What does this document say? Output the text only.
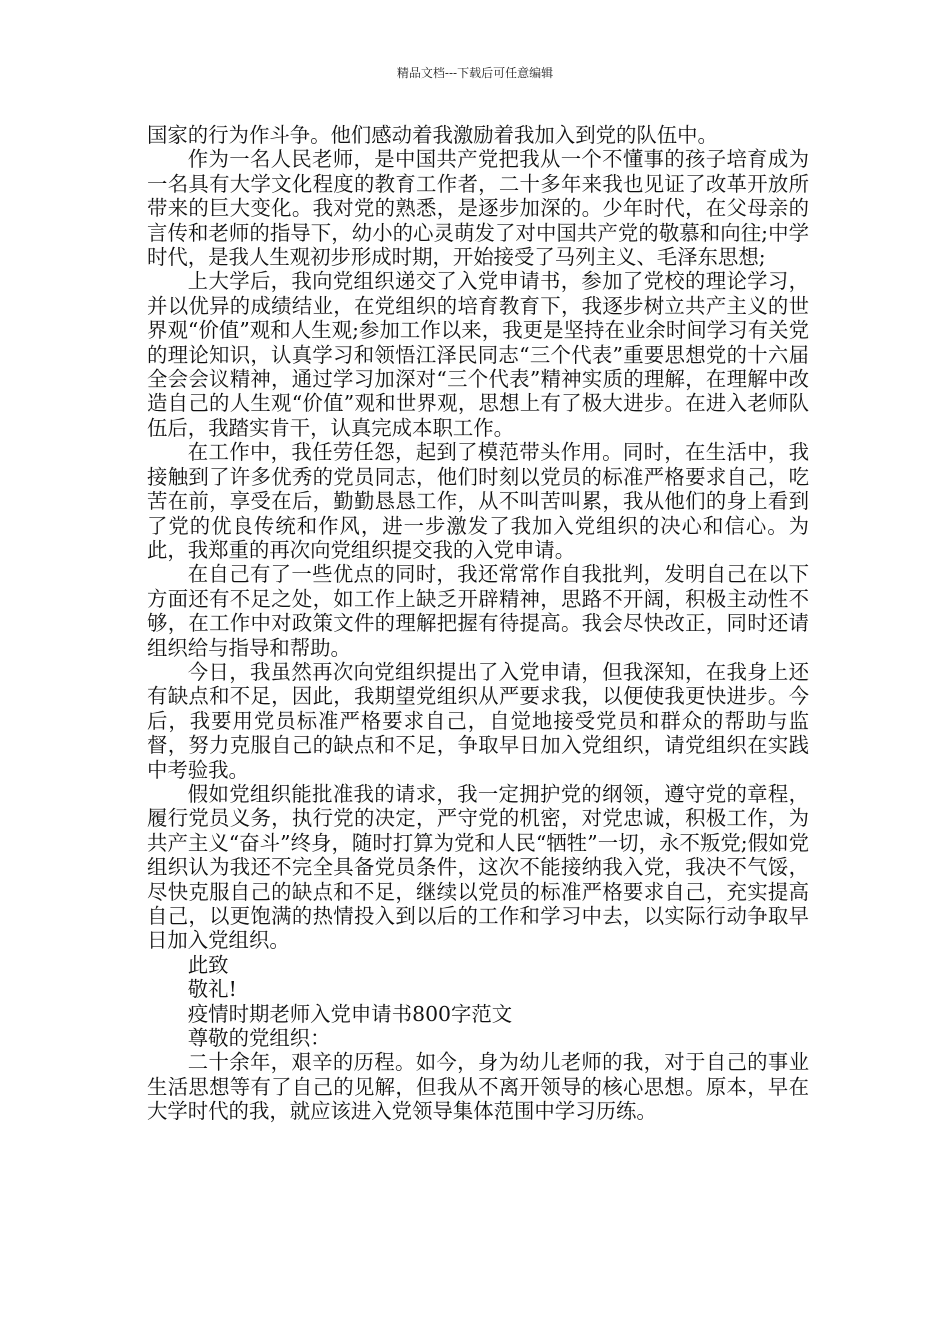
精品文档---下载后可任意编辑

国家的行为作斗争。他们感动着我激励着我加入到党的队伍中。

作为一名人民老师，是中国共产党把我从一个不懂事的孩子培育成为一名具有大学文化程度的教育工作者，二十多年来我也见证了改革开放所带来的巨大变化。我对党的熟悉，是逐步加深的。少年时代，在父母亲的言传和老师的指导下，幼小的心灵萌发了对中国共产党的敬慕和向往;中学时代，是我人生观初步形成时期，开始接受了马列主义、毛泽东思想;

上大学后，我向党组织递交了入党申请书，参加了党校的理论学习，并以优异的成绩结业，在党组织的培育教育下，我逐步树立共产主义的世界观“价值”观和人生观;参加工作以来，我更是坚持在业余时间学习有关党的理论知识，认真学习和领悟江泽民同志“三个代表”重要思想党的十六届全会会议精神，通过学习加深对“三个代表”精神实质的理解，在理解中改造自己的人生观“价值”观和世界观，思想上有了极大进步。在进入老师队伍后，我踏实肯干，认真完成本职工作。

在工作中，我任劳任怨，起到了模范带头作用。同时，在生活中，我接触到了许多优秀的党员同志，他们时刻以党员的标准严格要求自己，吃苦在前，享受在后，勤勤恳恳工作，从不叫苦叫累，我从他们的身上看到了党的优良传统和作风，进一步激发了我加入党组织的决心和信心。为此，我郑重的再次向党组织提交我的入党申请。

在自己有了一些优点的同时，我还常常作自我批判，发明自己在以下方面还有不足之处，如工作上缺乏开辟精神，思路不开阔，积极主动性不够，在工作中对政策文件的理解把握有待提高。我会尽快改正，同时还请组织给与指导和帮助。

今日，我虽然再次向党组织提出了入党申请，但我深知，在我身上还有缺点和不足，因此，我期望党组织从严要求我，以便使我更快进步。今后，我要用党员标准严格要求自己，自觉地接受党员和群众的帮助与监督，努力克服自己的缺点和不足，争取早日加入党组织，请党组织在实践中考验我。

假如党组织能批准我的请求，我一定拥护党的纲领，遵守党的章程，履行党员义务，执行党的决定，严守党的机密，对党忠诚，积极工作，为共产主义“奋斗”终身，随时打算为党和人民“牺牲”一切，永不叛党;假如党组织认为我还不完全具备党员条件，这次不能接纳我入党，我决不气馁，尽快克服自己的缺点和不足，继续以党员的标准严格要求自己，充实提高自己，以更饱满的热情投入到以后的工作和学习中去，以实际行动争取早日加入党组织。

此致

敬礼!

疫情时期老师入党申请书800字范文

尊敬的党组织：

二十余年，艰辛的历程。如今，身为幼儿老师的我，对于自己的事业生活思想等有了自己的见解，但我从不离开领导的核心思想。原本，早在大学时代的我，就应该进入党领导集体范围中学习历练。
